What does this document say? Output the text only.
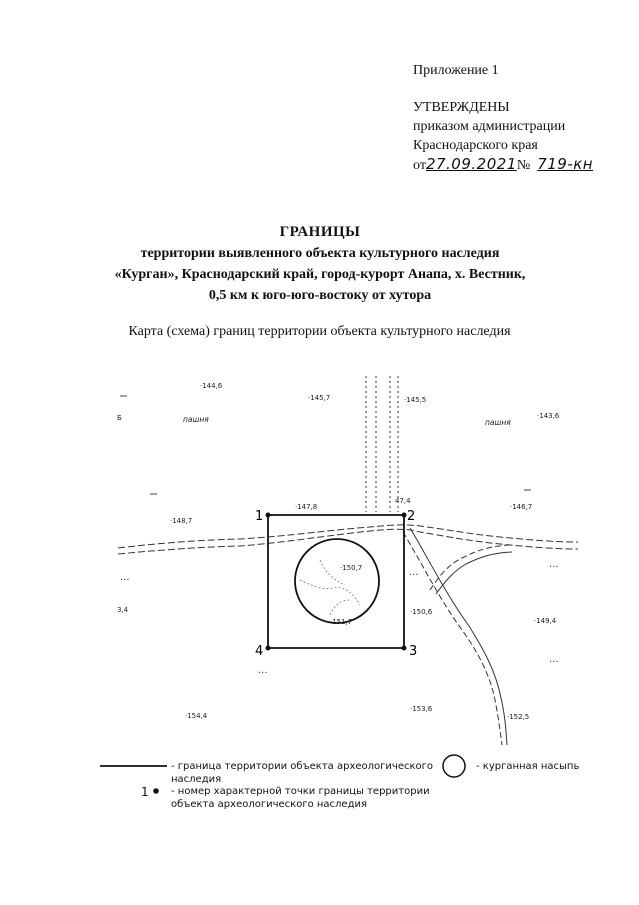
Приложение 1
УТВЕРЖДЕНЫ
приказом администрации
Краснодарского края
от27.09.2021№ 719-кн
ГРАНИЦЫ
территории выявленного объекта культурного наследия
«Курган», Краснодарский край, город-курорт Анапа, х. Вестник,
0,5 км к юго-юго-востоку от хутора
Карта (схема) границ территории объекта культурного наследия
1	2
3
4
···	···
···
···
···
·144,6
·145,7	·145,5
·143,6
·147,8
47,4
·146,7
·148,7
·150,7
·150,6
·151,7	·149,4
·154,4
·153,6
·152,5
Б
3,4
пашня	пашня
1
- граница территории объекта археологического наследия
- курганная насыпь
- номер характерной точки границы территории объекта археологического наследия
